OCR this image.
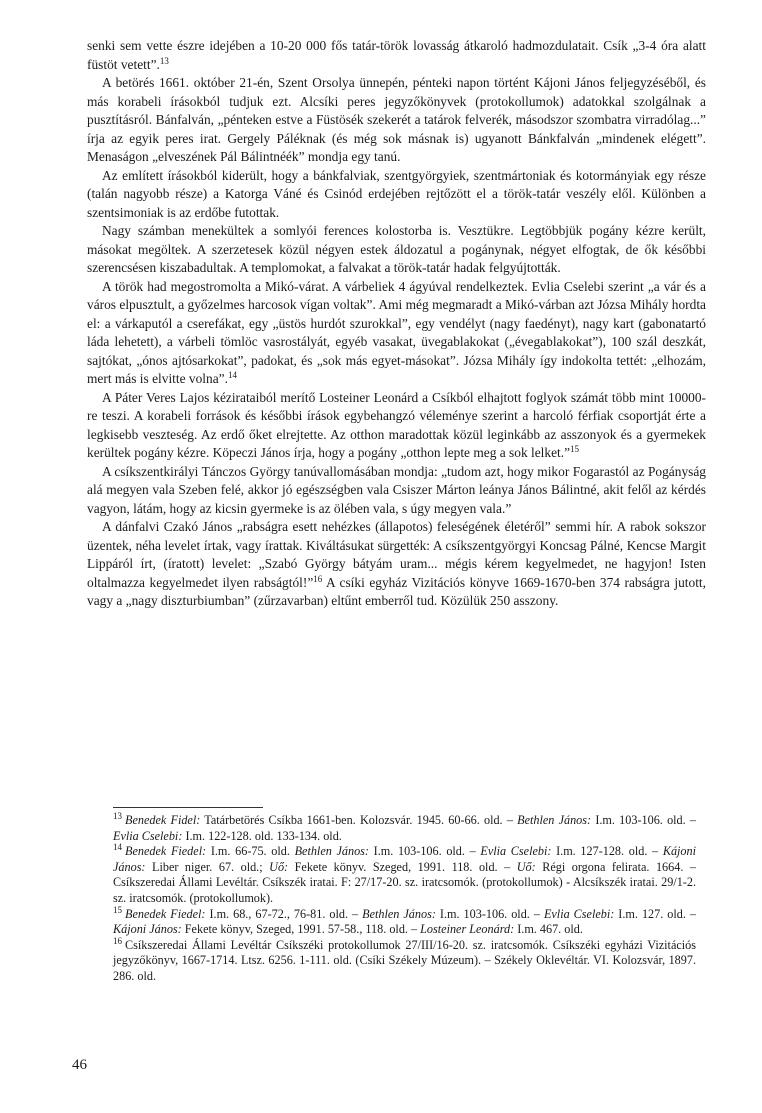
senki sem vette észre idejében a 10-20 000 fős tatár-török lovasság átkaroló hadmozdulatait. Csík „3-4 óra alatt füstöt vetett”.$^{13}$

A betörés 1661. október 21-én, Szent Orsolya ünnepén, pénteki napon történt Kájoni János feljegyzéséből, és más korabeli írásokból tudjuk ezt. Alcsíki peres jegyzőkönyvek (protokollumok) adatokkal szolgálnak a pusztításról. Bánfalván, „pénteken estve a Füstösék szekerét a tatárok felverék, másodszor szombatra virradólag...” írja az egyik peres irat. Gergely Páléknak (és még sok másnak is) ugyanott Bánkfalván „mindenek elégett”. Menaságon „elveszének Pál Bálintnéék” mondja egy tanú.

Az említett írásokból kiderült, hogy a bánkfalviak, szentgyörgyiek, szentmártoniak és kotormányiak egy része (talán nagyobb része) a Katorga Váné és Csinód erdejében rejtőzött el a török-tatár veszély elől. Különben a szentsimoniak is az erdőbe futottak.

Nagy számban menekültek a somlyói ferences kolostorba is. Vesztükre. Legtöbbjük pogány kézre került, másokat megöltek. A szerzetesek közül négyen estek áldozatul a pogánynak, négyet elfogtak, de ők későbbi szerencsésen kiszabadultak. A templomokat, a falvakat a török-tatár hadak felgyújtották.

A török had megostromolta a Mikó-várat. A várbeliek 4 ágyúval rendelkeztek. Evlia Cselebi szerint „a vár és a város elpusztult, a győzelmes harcosok vígan voltak”. Ami még megmaradt a Mikó-várban azt Józsa Mihály hordta el: a várkaputól a cserefákat, egy „üstös hurdót szurokkal”, egy vendélyt (nagy faedényt), nagy kart (gabonatartó láda lehetett), a várbeli tömlöc vasrostályát, egyéb vasakat, üvegablakokat („évegablakokat”), 100 szál deszkát, sajtókat, „ónos ajtósarkokat”, padokat, és „sok más egyet-másokat”. Józsa Mihály így indokolta tettét: „elhozám, mert más is elvitte volna”.$^{14}$

A Páter Veres Lajos kézirataiból merítő Losteiner Leonárd a Csíkból elhajtott foglyok számát több mint 10000-re teszi. A korabeli források és későbbi írások egybehangzó véleménye szerint a harcoló férfiak csoportját érte a legkisebb veszteség. Az erdő őket elrejtette. Az otthon maradottak közül leginkább az asszonyok és a gyermekek kerültek pogány kézre. Köpeczi János írja, hogy a pogány „otthon lepte meg a sok lelket.”$^{15}$

A csíkszentkirályi Tánczos György tanúvallomásában mondja: „tudom azt, hogy mikor Fogarastól az Pogányság alá megyen vala Szeben felé, akkor jó egészségben vala Csiszer Márton leánya János Bálintné, akit felől az kérdés vagyon, látám, hogy az kicsin gyermeke is az ölében vala, s úgy megyen vala.”

A dánfalvi Czakó János „rabságra esett nehézkes (állapotos) feleségének életéről” semmi hír. A rabok sokszor üzentek, néha levelet írtak, vagy írattak. Kiváltásukat sürgették: A csíkszentgyörgyi Koncsag Pálné, Kencse Margit Lippáról írt, (íratott) levelet: „Szabó György bátyám uram... mégis kérem kegyelmedet, ne hagyjon! Isten oltalmazza kegyelmedet ilyen rabságtól!”$^{16}$ A csíki egyház Vizitációs könyve 1669-1670-ben 374 rabságra jutott, vagy a „nagy diszturbiumban” (zűrzavarban) eltűnt emberről tud. Közülük 250 asszony.

$^{13}$ Benedek Fidel: Tatárbetörés Csíkba 1661-ben. Kolozsvár. 1945. 60-66. old. – Bethlen János: I.m. 103-106. old. – Evlia Cselebi: I.m. 122-128. old. 133-134. old.

$^{14}$ Benedek Fiedel: I.m. 66-75. old. Bethlen János: I.m. 103-106. old. – Evlia Cselebi: I.m. 127-128. old. – Kájoni János: Liber niger. 67. old.; Uő: Fekete könyv. Szeged, 1991. 118. old. – Uő: Régi orgona felirata. 1664. – Csíkszeredai Állami Levéltár. Csíkszék iratai. F: 27/17-20. sz. iratcsomók. (protokollumok) - Alcsíkszék iratai. 29/1-2. sz. iratcsomók. (protokollumok).

$^{15}$ Benedek Fiedel: I.m. 68., 67-72., 76-81. old. – Bethlen János: I.m. 103-106. old. – Evlia Cselebi: I.m. 127. old. – Kájoni János: Fekete könyv, Szeged, 1991. 57-58., 118. old. – Losteiner Leonárd: I.m. 467. old.

$^{16}$ Csíkszeredai Állami Levéltár Csíkszéki protokollumok 27/III/16-20. sz. iratcsomók. Csíkszéki egyházi Vizitációs jegyzőkönyv, 1667-1714. Ltsz. 6256. 1-111. old. (Csíki Székely Múzeum). – Székely Oklevéltár. VI. Kolozsvár, 1897. 286. old.

46
